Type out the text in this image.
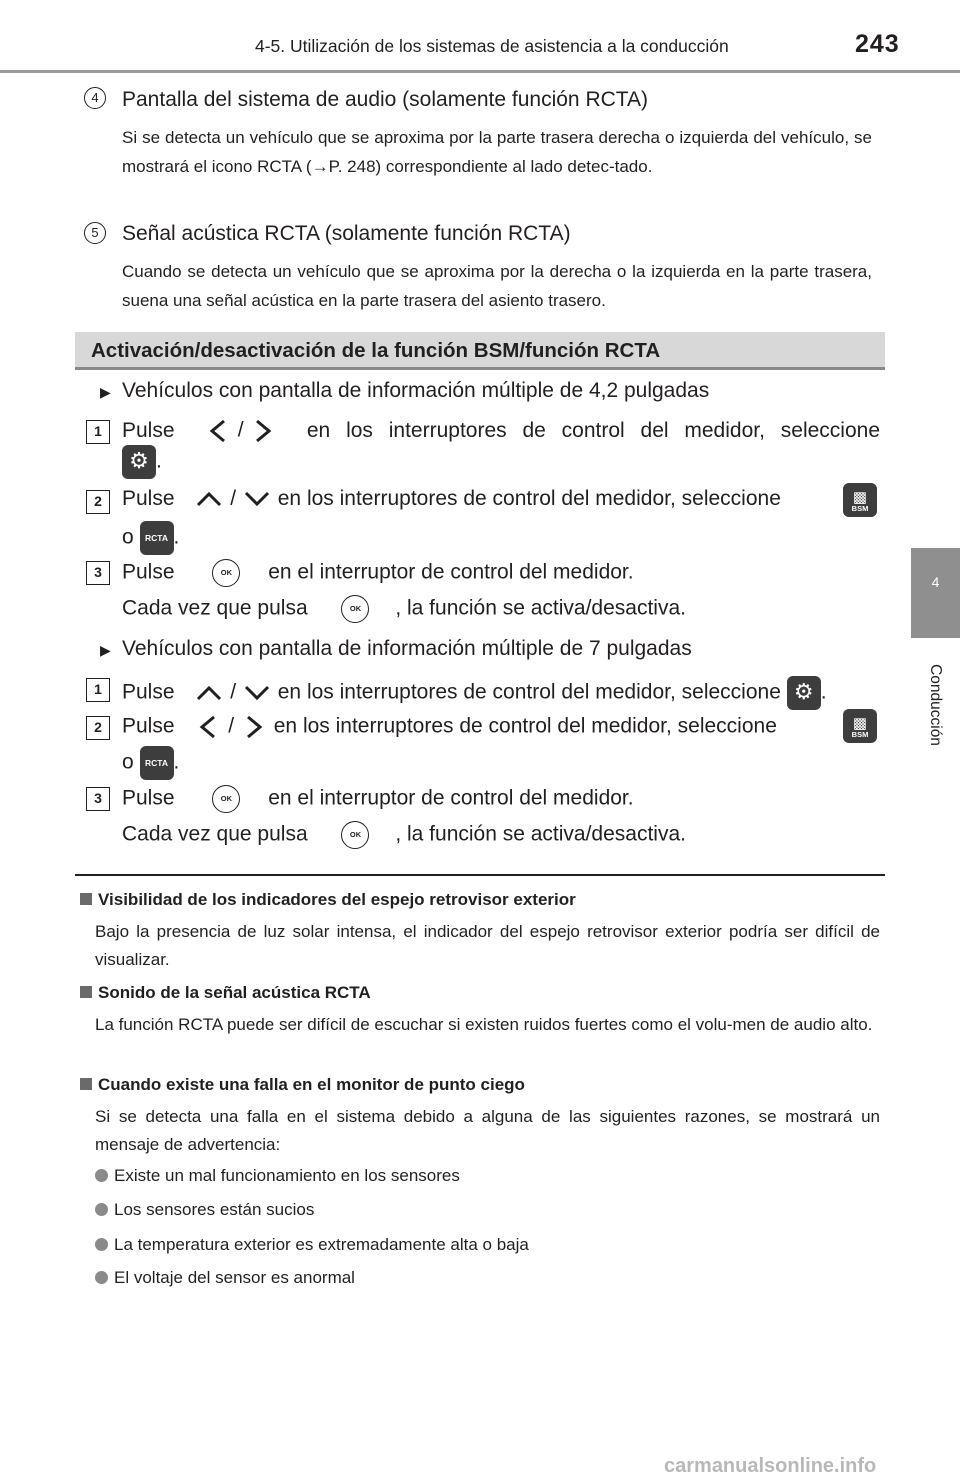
4-5. Utilización de los sistemas de asistencia a la conducción	243
4
Conducción
4	Pantalla del sistema de audio (solamente función RCTA)
Si se detecta un vehículo que se aproxima por la parte trasera derecha o izquierda del vehículo, se mostrará el icono RCTA (→P. 248) correspondiente al lado detec-tado.
5	Señal acústica RCTA (solamente función RCTA)
Cuando se detecta un vehículo que se aproxima por la derecha o la izquierda en la parte trasera, suena una señal acústica en la parte trasera del asiento trasero.
Activación/desactivación de la función BSM/función RCTA
▶ Vehículos con pantalla de información múltiple de 4,2 pulgadas
1 Pulse	/	en los interruptores de control del medidor, seleccione
⚙ .
2 Pulse	/ en los interruptores de control del medidor, seleccione	▩
BSM
o	RCTA .
3 Pulse	OK en el interruptor de control del medidor.
Cada vez que pulsa	OK , la función se activa/desactiva.
▶ Vehículos con pantalla de información múltiple de 7 pulgadas
1 Pulse	/ en los interruptores de control del medidor, seleccione ⚙ .
2 Pulse	/ en los interruptores de control del medidor, seleccione	▩
BSM
o	RCTA .
3 Pulse	OK en el interruptor de control del medidor.
Cada vez que pulsa	OK , la función se activa/desactiva.
Visibilidad de los indicadores del espejo retrovisor exterior
Bajo la presencia de luz solar intensa, el indicador del espejo retrovisor exterior podría ser difícil de visualizar.
Sonido de la señal acústica RCTA
La función RCTA puede ser difícil de escuchar si existen ruidos fuertes como el volu-men de audio alto.
Cuando existe una falla en el monitor de punto ciego
Si se detecta una falla en el sistema debido a alguna de las siguientes razones, se mostrará un mensaje de advertencia:
Existe un mal funcionamiento en los sensores
Los sensores están sucios
La temperatura exterior es extremadamente alta o baja
El voltaje del sensor es anormal
carmanualsonline.info
